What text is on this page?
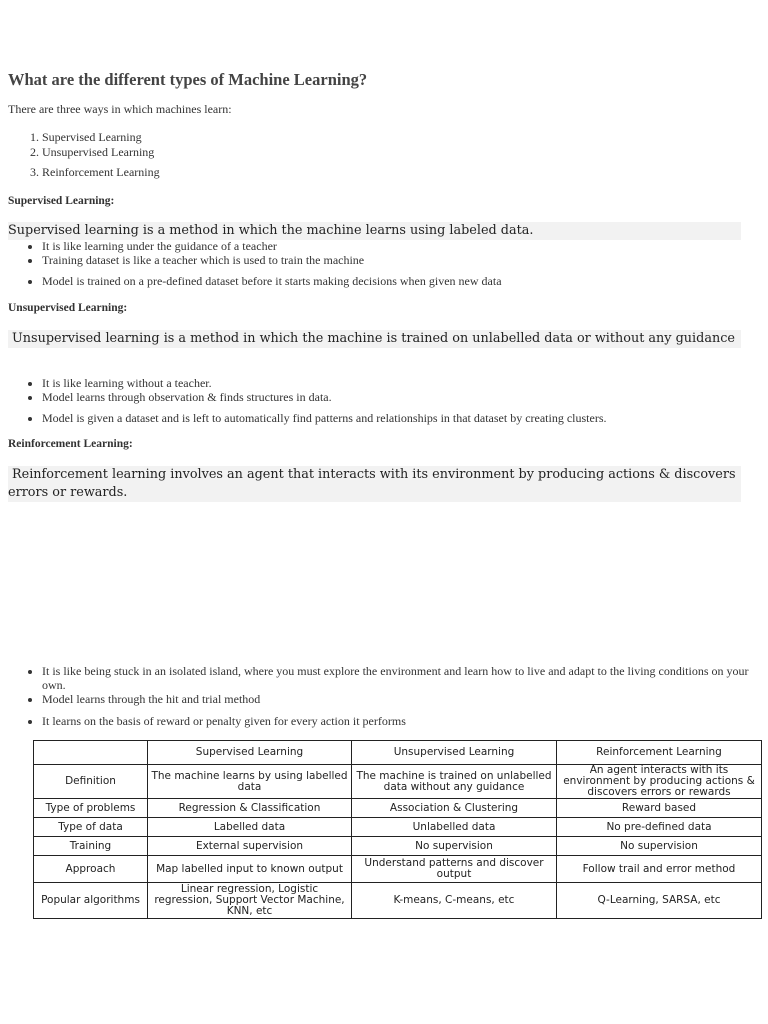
What are the different types of Machine Learning?
There are three ways in which machines learn:
1. Supervised Learning
2. Unsupervised Learning
3. Reinforcement Learning
Supervised Learning:
Supervised learning is a method in which the machine learns using labeled data.
• It is like learning under the guidance of a teacher
• Training dataset is like a teacher which is used to train the machine
• Model is trained on a pre-defined dataset before it starts making decisions when given new data
Unsupervised Learning:
Unsupervised learning is a method in which the machine is trained on unlabelled data or without any guidance
• It is like learning without a teacher.
• Model learns through observation & finds structures in data.
• Model is given a dataset and is left to automatically find patterns and relationships in that dataset by creating clusters.
Reinforcement Learning:
Reinforcement learning involves an agent that interacts with its environment by producing actions & discovers errors or rewards.
• It is like being stuck in an isolated island, where you must explore the environment and learn how to live and adapt to the living conditions on your own.
• Model learns through the hit and trial method
• It learns on the basis of reward or penalty given for every action it performs
	Supervised Learning	Unsupervised Learning	Reinforcement Learning
Definition	The machine learns by using labelled data	The machine is trained on unlabelled data without any guidance	An agent interacts with its environment by producing actions & discovers errors or rewards
Type of problems	Regression & Classification	Association & Clustering	Reward based
Type of data	Labelled data	Unlabelled data	No pre-defined data
Training	External supervision	No supervision	No supervision
Approach	Map labelled input to known output	Understand patterns and discover output	Follow trail and error method
Popular algorithms	Linear regression, Logistic regression, Support Vector Machine, KNN, etc	K-means, C-means, etc	Q-Learning, SARSA, etc
